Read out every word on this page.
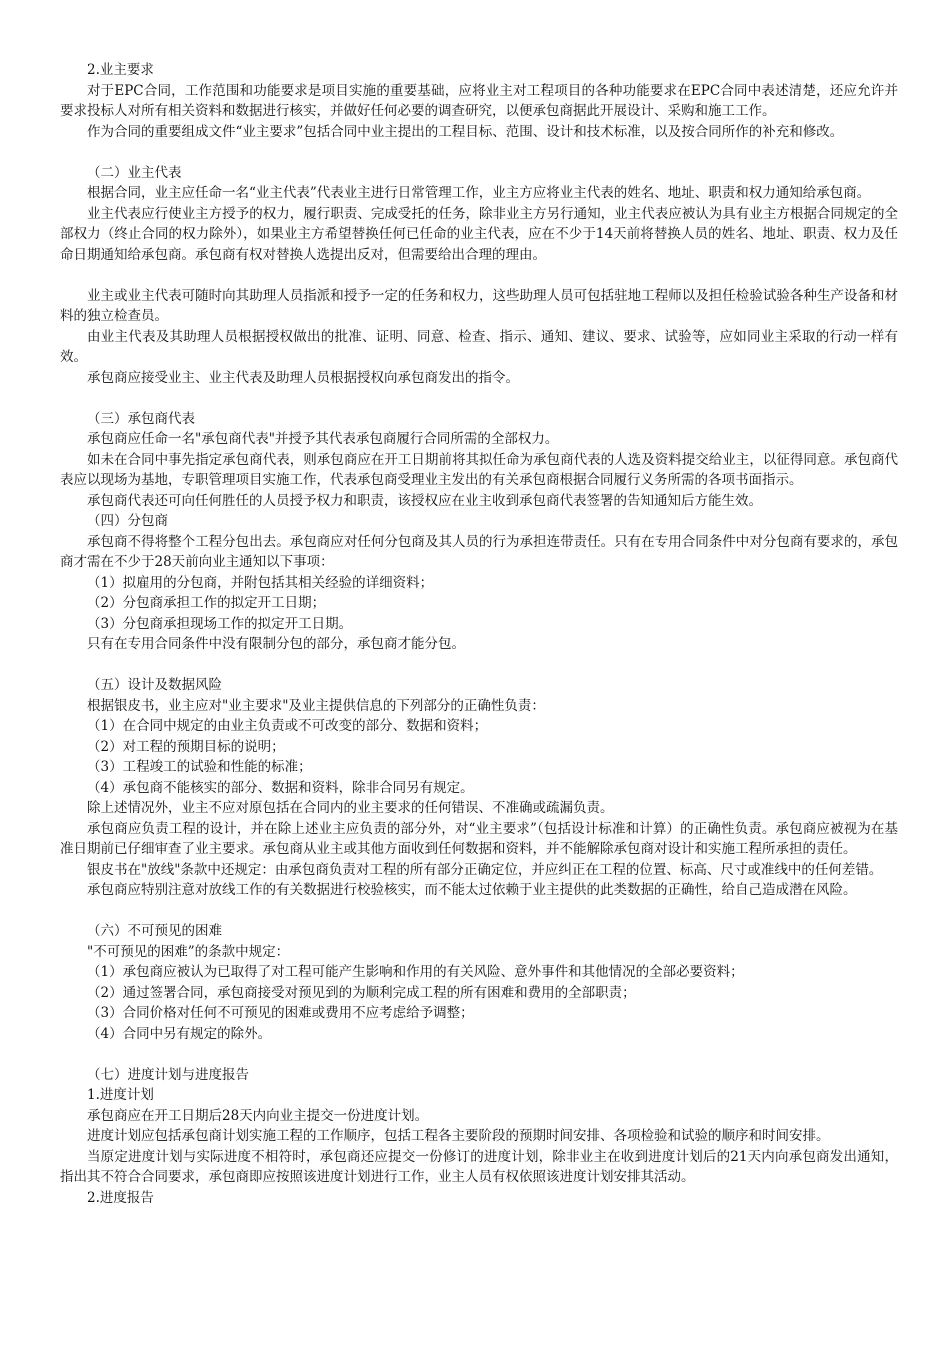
2.业主要求

对于EPC合同，工作范围和功能要求是项目实施的重要基础，应将业主对工程项目的各种功能要求在EPC合同中表述清楚，还应允许并要求投标人对所有相关资料和数据进行核实，并做好任何必要的调查研究，以便承包商据此开展设计、采购和施工工作。

作为合同的重要组成文件“业主要求”包括合同中业主提出的工程目标、范围、设计和技术标准，以及按合同所作的补充和修改。

（二）业主代表

根据合同，业主应任命一名“业主代表”代表业主进行日常管理工作，业主方应将业主代表的姓名、地址、职责和权力通知给承包商。

业主代表应行使业主方授予的权力，履行职责、完成受托的任务，除非业主方另行通知，业主代表应被认为具有业主方根据合同规定的全部权力（终止合同的权力除外），如果业主方希望替换任何已任命的业主代表，应在不少于14天前将替换人员的姓名、地址、职责、权力及任命日期通知给承包商。承包商有权对替换人选提出反对，但需要给出合理的理由。

业主或业主代表可随时向其助理人员指派和授予一定的任务和权力，这些助理人员可包括驻地工程师以及担任检验试验各种生产设备和材料的独立检查员。

由业主代表及其助理人员根据授权做出的批准、证明、同意、检查、指示、通知、建议、要求、试验等，应如同业主采取的行动一样有效。

承包商应接受业主、业主代表及助理人员根据授权向承包商发出的指令。

（三）承包商代表

承包商应任命一名"承包商代表"并授予其代表承包商履行合同所需的全部权力。

如未在合同中事先指定承包商代表，则承包商应在开工日期前将其拟任命为承包商代表的人选及资料提交给业主，以征得同意。承包商代表应以现场为基地，专职管理项目实施工作，代表承包商受理业主发出的有关承包商根据合同履行义务所需的各项书面指示。

承包商代表还可向任何胜任的人员授予权力和职责，该授权应在业主收到承包商代表签署的告知通知后方能生效。

（四）分包商

承包商不得将整个工程分包出去。承包商应对任何分包商及其人员的行为承担连带责任。只有在专用合同条件中对分包商有要求的，承包商才需在不少于28天前向业主通知以下事项：

（1）拟雇用的分包商，并附包括其相关经验的详细资料；

（2）分包商承担工作的拟定开工日期；

（3）分包商承担现场工作的拟定开工日期。

只有在专用合同条件中没有限制分包的部分，承包商才能分包。

（五）设计及数据风险

根据银皮书，业主应对"业主要求"及业主提供信息的下列部分的正确性负责：

（1）在合同中规定的由业主负责或不可改变的部分、数据和资料；

（2）对工程的预期目标的说明；

（3）工程竣工的试验和性能的标准；

（4）承包商不能核实的部分、数据和资料，除非合同另有规定。

除上述情况外，业主不应对原包括在合同内的业主要求的任何错误、不准确或疏漏负责。

承包商应负责工程的设计，并在除上述业主应负责的部分外，对“业主要求”（包括设计标准和计算）的正确性负责。承包商应被视为在基准日期前已仔细审查了业主要求。承包商从业主或其他方面收到任何数据和资料，并不能解除承包商对设计和实施工程所承担的责任。

银皮书在"放线"条款中还规定：由承包商负责对工程的所有部分正确定位，并应纠正在工程的位置、标高、尺寸或准线中的任何差错。

承包商应特别注意对放线工作的有关数据进行校验核实，而不能太过依赖于业主提供的此类数据的正确性，给自己造成潜在风险。

（六）不可预见的困难

"不可预见的困难”的条款中规定：

（1）承包商应被认为已取得了对工程可能产生影响和作用的有关风险、意外事件和其他情况的全部必要资料；

（2）通过签署合同，承包商接受对预见到的为顺利完成工程的所有困难和费用的全部职责；

（3）合同价格对任何不可预见的困难或费用不应考虑给予调整；

（4）合同中另有规定的除外。

（七）进度计划与进度报告

1.进度计划

承包商应在开工日期后28天内向业主提交一份进度计划。

进度计划应包括承包商计划实施工程的工作顺序，包括工程各主要阶段的预期时间安排、各项检验和试验的顺序和时间安排。

当原定进度计划与实际进度不相符时，承包商还应提交一份修订的进度计划，除非业主在收到进度计划后的21天内向承包商发出通知，指出其不符合合同要求，承包商即应按照该进度计划进行工作，业主人员有权依照该进度计划安排其活动。

2.进度报告
